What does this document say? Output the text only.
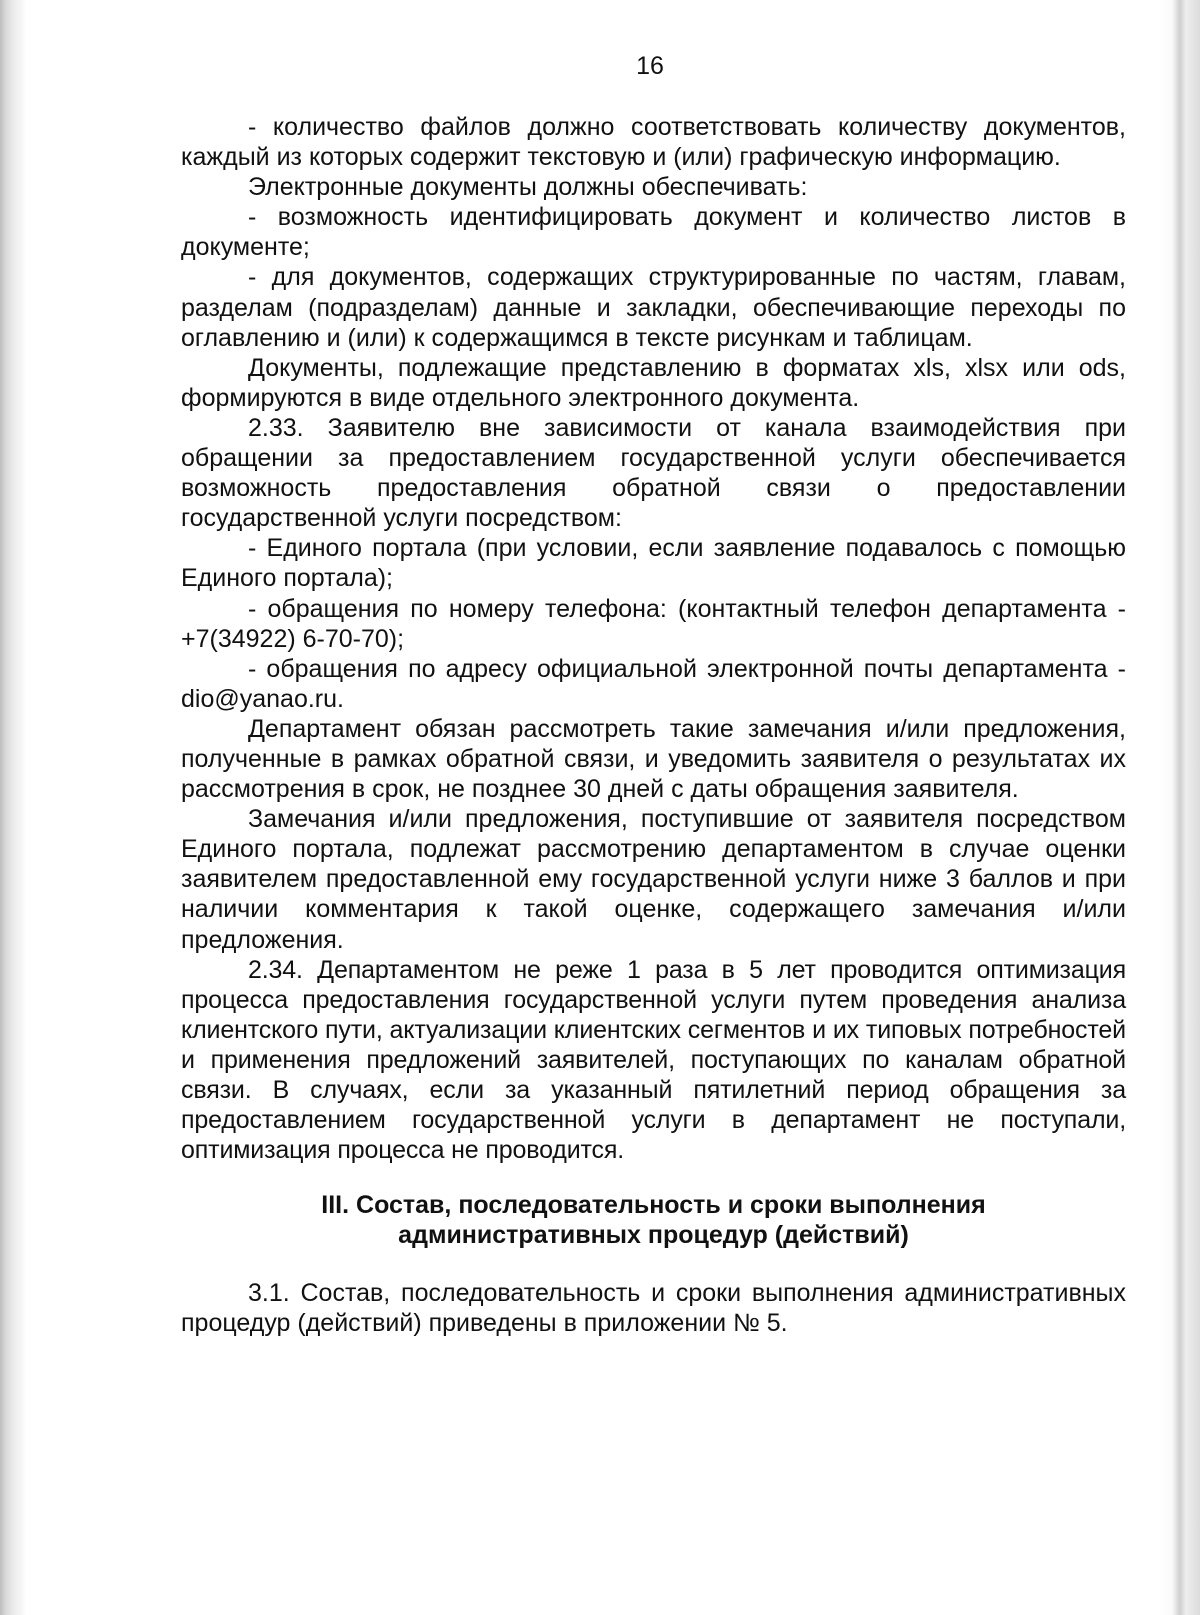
16

- количество файлов должно соответствовать количеству документов, каждый из которых содержит текстовую и (или) графическую информацию.

Электронные документы должны обеспечивать:

- возможность идентифицировать документ и количество листов в документе;

- для документов, содержащих структурированные по частям, главам, разделам (подразделам) данные и закладки, обеспечивающие переходы по оглавлению и (или) к содержащимся в тексте рисункам и таблицам.

Документы, подлежащие представлению в форматах xls, xlsx или ods, формируются в виде отдельного электронного документа.

2.33. Заявителю вне зависимости от канала взаимодействия при обращении за предоставлением государственной услуги обеспечивается возможность предоставления обратной связи о предоставлении государственной услуги посредством:

- Единого портала (при условии, если заявление подавалось с помощью Единого портала);

- обращения по номеру телефона: (контактный телефон департамента - +7(34922) 6-70-70);

- обращения по адресу официальной электронной почты департамента - dio@yanao.ru.

Департамент обязан рассмотреть такие замечания и/или предложения, полученные в рамках обратной связи, и уведомить заявителя о результатах их рассмотрения в срок, не позднее 30 дней с даты обращения заявителя.

Замечания и/или предложения, поступившие от заявителя посредством Единого портала, подлежат рассмотрению департаментом в случае оценки заявителем предоставленной ему государственной услуги ниже 3 баллов и при наличии комментария к такой оценке, содержащего замечания и/или предложения.

2.34. Департаментом не реже 1 раза в 5 лет проводится оптимизация процесса предоставления государственной услуги путем проведения анализа клиентского пути, актуализации клиентских сегментов и их типовых потребностей и применения предложений заявителей, поступающих по каналам обратной связи. В случаях, если за указанный пятилетний период обращения за предоставлением государственной услуги в департамент не поступали, оптимизация процесса не проводится.

III. Состав, последовательность и сроки выполнения
административных процедур (действий)

3.1. Состав, последовательность и сроки выполнения административных процедур (действий) приведены в приложении № 5.
